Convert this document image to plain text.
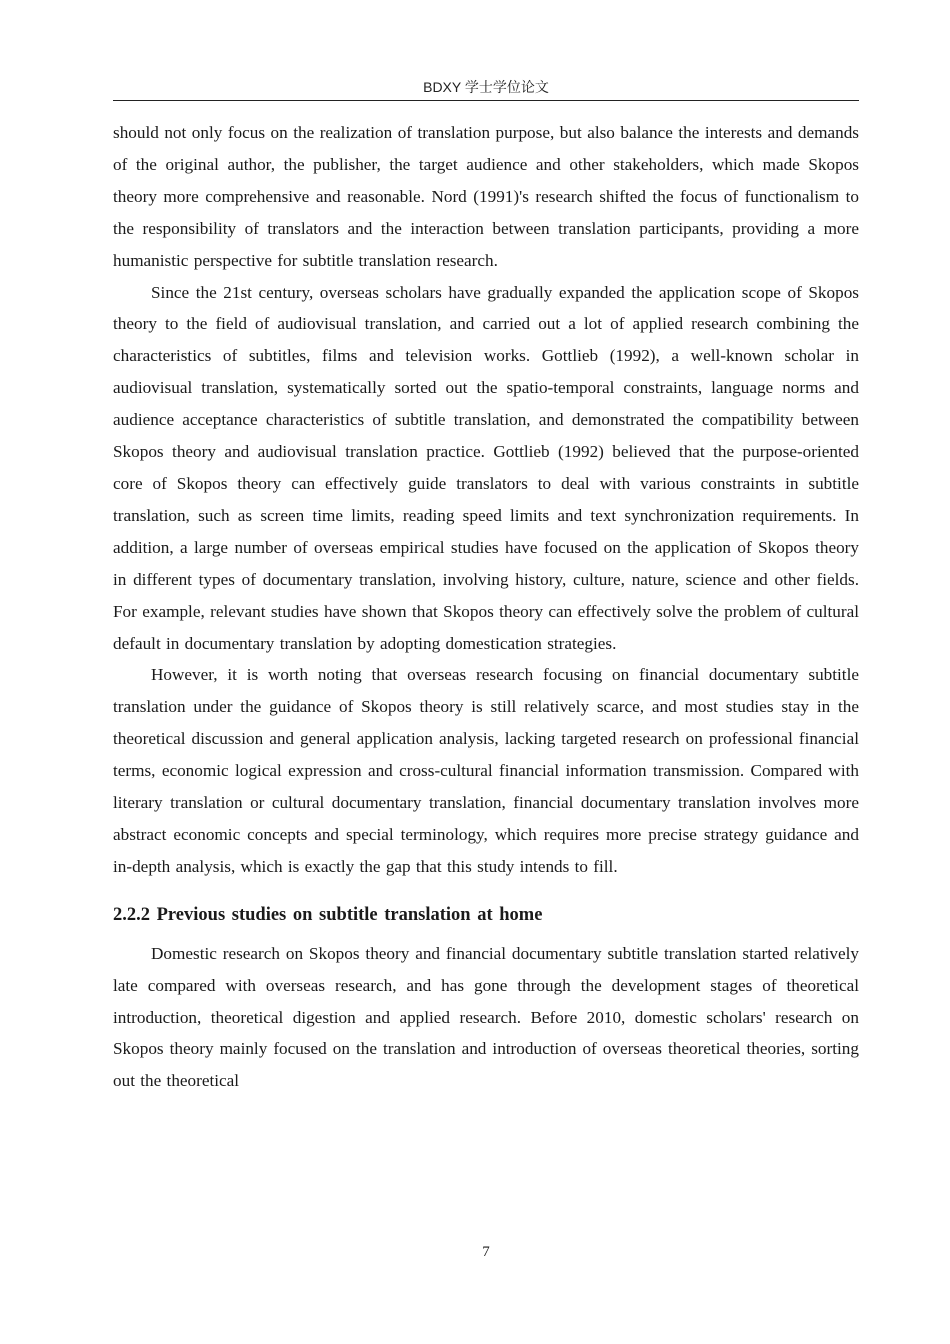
BDXY 学士学位论文

should not only focus on the realization of translation purpose, but also balance the interests and demands of the original author, the publisher, the target audience and other stakeholders, which made Skopos theory more comprehensive and reasonable. Nord (1991)'s research shifted the focus of functionalism to the responsibility of translators and the interaction between translation participants, providing a more humanistic perspective for subtitle translation research.

Since the 21st century, overseas scholars have gradually expanded the application scope of Skopos theory to the field of audiovisual translation, and carried out a lot of applied research combining the characteristics of subtitles, films and television works. Gottlieb (1992), a well-known scholar in audiovisual translation, systematically sorted out the spatio-temporal constraints, language norms and audience acceptance characteristics of subtitle translation, and demonstrated the compatibility between Skopos theory and audiovisual translation practice. Gottlieb (1992) believed that the purpose-oriented core of Skopos theory can effectively guide translators to deal with various constraints in subtitle translation, such as screen time limits, reading speed limits and text synchronization requirements. In addition, a large number of overseas empirical studies have focused on the application of Skopos theory in different types of documentary translation, involving history, culture, nature, science and other fields. For example, relevant studies have shown that Skopos theory can effectively solve the problem of cultural default in documentary translation by adopting domestication strategies.

However, it is worth noting that overseas research focusing on financial documentary subtitle translation under the guidance of Skopos theory is still relatively scarce, and most studies stay in the theoretical discussion and general application analysis, lacking targeted research on professional financial terms, economic logical expression and cross-cultural financial information transmission. Compared with literary translation or cultural documentary translation, financial documentary translation involves more abstract economic concepts and special terminology, which requires more precise strategy guidance and in-depth analysis, which is exactly the gap that this study intends to fill.

2.2.2 Previous studies on subtitle translation at home

Domestic research on Skopos theory and financial documentary subtitle translation started relatively late compared with overseas research, and has gone through the development stages of theoretical introduction, theoretical digestion and applied research. Before 2010, domestic scholars' research on Skopos theory mainly focused on the translation and introduction of overseas theoretical theories, sorting out the theoretical

7
